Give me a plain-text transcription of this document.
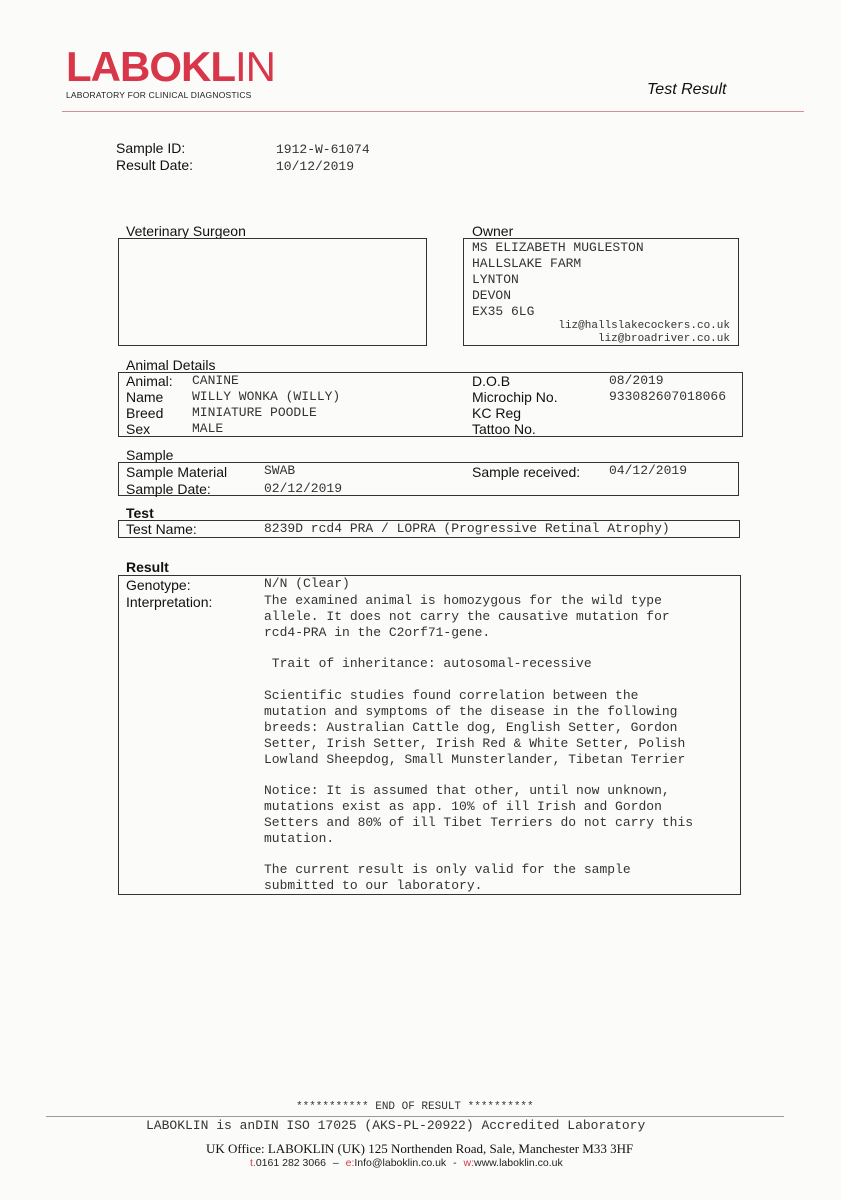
LABOKLIN
LABORATORY FOR CLINICAL DIAGNOSTICS	Test Result
Sample ID:	1912-W-61074
Result Date:	10/12/2019
Veterinary Surgeon	Owner
MS ELIZABETH MUGLESTON
HALLSLAKE FARM
LYNTON
DEVON
EX35 6LG
liz@hallslakecockers.co.uk
liz@broadriver.co.uk
Animal Details
Animal: CANINE
Name WILLY WONKA (WILLY)
Breed MINIATURE POODLE
Sex	MALE
D.O.B	08/2019
Microchip No.	933082607018066
KC Reg
Tattoo No.
Sample
Sample Material	SWAB
Sample Date:	02/12/2019
Sample received: 04/12/2019
Test
Test Name:	8239D rcd4 PRA / LOPRA (Progressive Retinal Atrophy)
Result
Genotype:	N/N (Clear)
Interpretation:	The examined animal is homozygous for the wild type
allele. It does not carry the causative mutation for
rcd4-PRA in the C2orf71-gene.
Trait of inheritance: autosomal-recessive
Scientific studies found correlation between the
mutation and symptoms of the disease in the following
breeds: Australian Cattle dog, English Setter, Gordon
Setter, Irish Setter, Irish Red & White Setter, Polish
Lowland Sheepdog, Small Munsterlander, Tibetan Terrier
Notice: It is assumed that other, until now unknown,
mutations exist as app. 10% of ill Irish and Gordon
Setters and 80% of ill Tibet Terriers do not carry this
mutation.
The current result is only valid for the sample
submitted to our laboratory.
*********** END OF RESULT **********
LABOKLIN is anDIN ISO 17025 (AKS-PL-20922) Accredited Laboratory
UK Office: LABOKLIN (UK) 125 Northenden Road, Sale, Manchester M33 3HF
t.0161 282 3066 – e:Info@laboklin.co.uk - w:www.laboklin.co.uk
